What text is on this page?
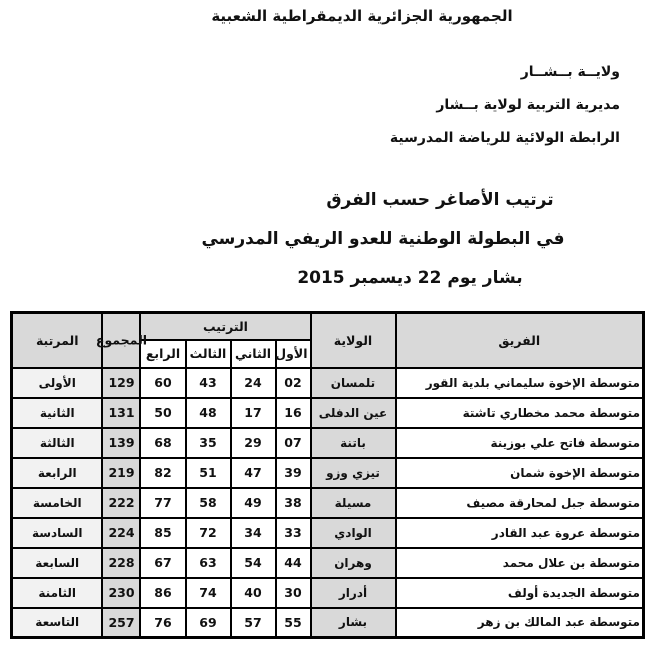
الجمهورية الجزائرية الديمقراطية الشعبية
ولايــة بــشــار
مديرية التربية لولاية بــشار
الرابطة الولائية للرياضة المدرسية
ترتيب الأصاغر حسب الفرق
في البطولة الوطنية للعدو الريفي المدرسي
بشار يوم 22 ديسمبر 2015
الفريق	الولاية	الترتيب				المجموع	المرتبة
		الأول	الثاني	الثالث	الرابع		
متوسطة الإخوة سليماني بلدية القور	تلمسان	02	24	43	60	129	الأولى
متوسطة محمد مخطاري تاشتة	عين الدفلى	16	17	48	50	131	الثانية
متوسطة فاتح علي بوزينة	باتنة	07	29	35	68	139	الثالثة
متوسطة الإخوة شمان	تيزي وزو	39	47	51	82	219	الرابعة
متوسطة جبل لمحارقة مصيف	مسيلة	38	49	58	77	222	الخامسة
متوسطة عروة عبد القادر	الوادي	33	34	72	85	224	السادسة
متوسطة بن علال محمد	وهران	44	54	63	67	228	السابعة
متوسطة الجديدة أولف	أدرار	30	40	74	86	230	الثامنة
متوسطة عبد المالك بن زهر	بشار	55	57	69	76	257	التاسعة
